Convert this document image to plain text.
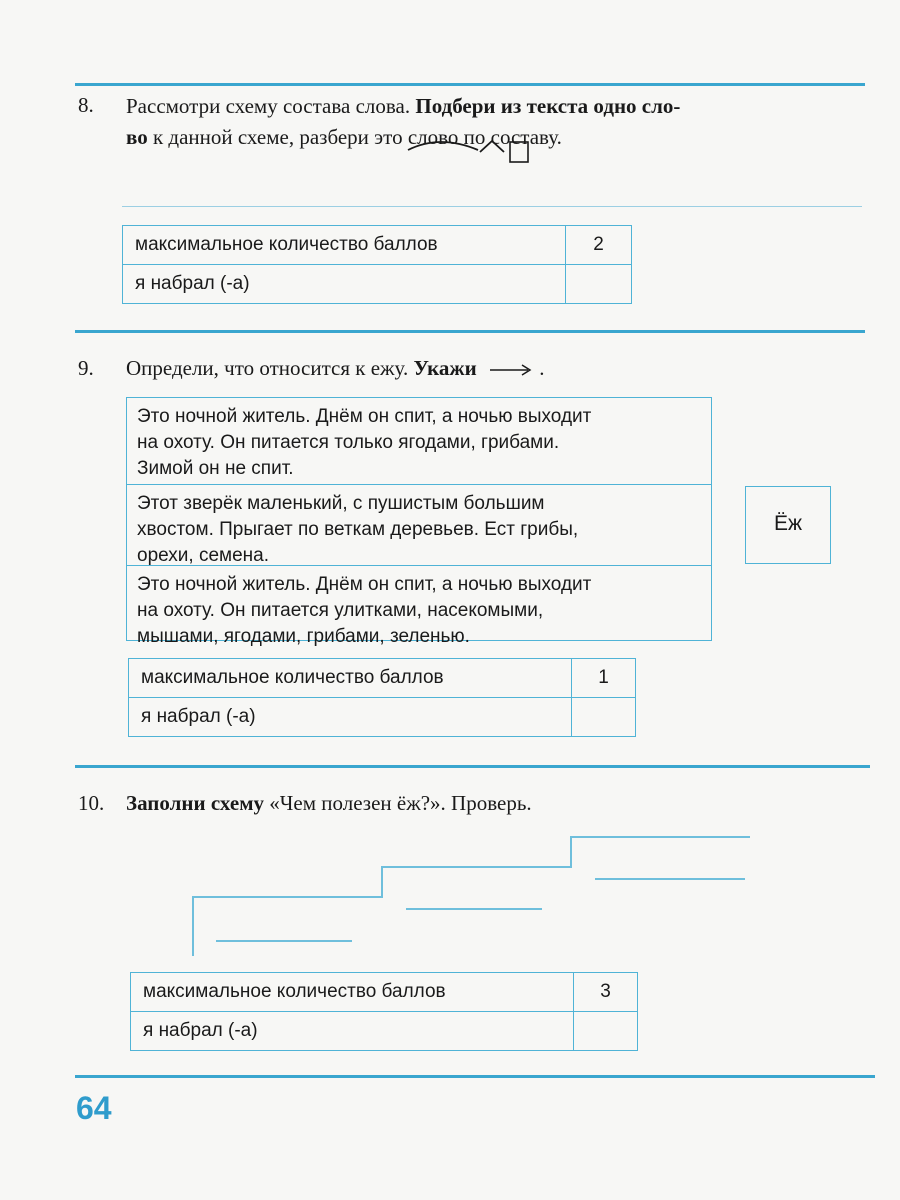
8. Рассмотри схему состава слова. Подбери из текста одно сло-
во к данной схеме, разбери это слово по составу.
максимальное количество баллов	2
я набрал (-а)	
9. Определи, что относится к ежу. Укажи	.
Это ночной житель. Днём он спит, а ночью выходит
на охоту. Он питается только ягодами, грибами.
Зимой он не спит.
Этот зверёк маленький, с пушистым большим
хвостом. Прыгает по веткам деревьев. Ест грибы,
орехи, семена.
Это ночной житель. Днём он спит, а ночью выходит
на охоту. Он питается улитками, насекомыми,
мышами, ягодами, грибами, зеленью.
Ёж
максимальное количество баллов	1
я набрал (-а)	
10. Заполни схему «Чем полезен ёж?». Проверь.
максимальное количество баллов	3
я набрал (-а)	
64
